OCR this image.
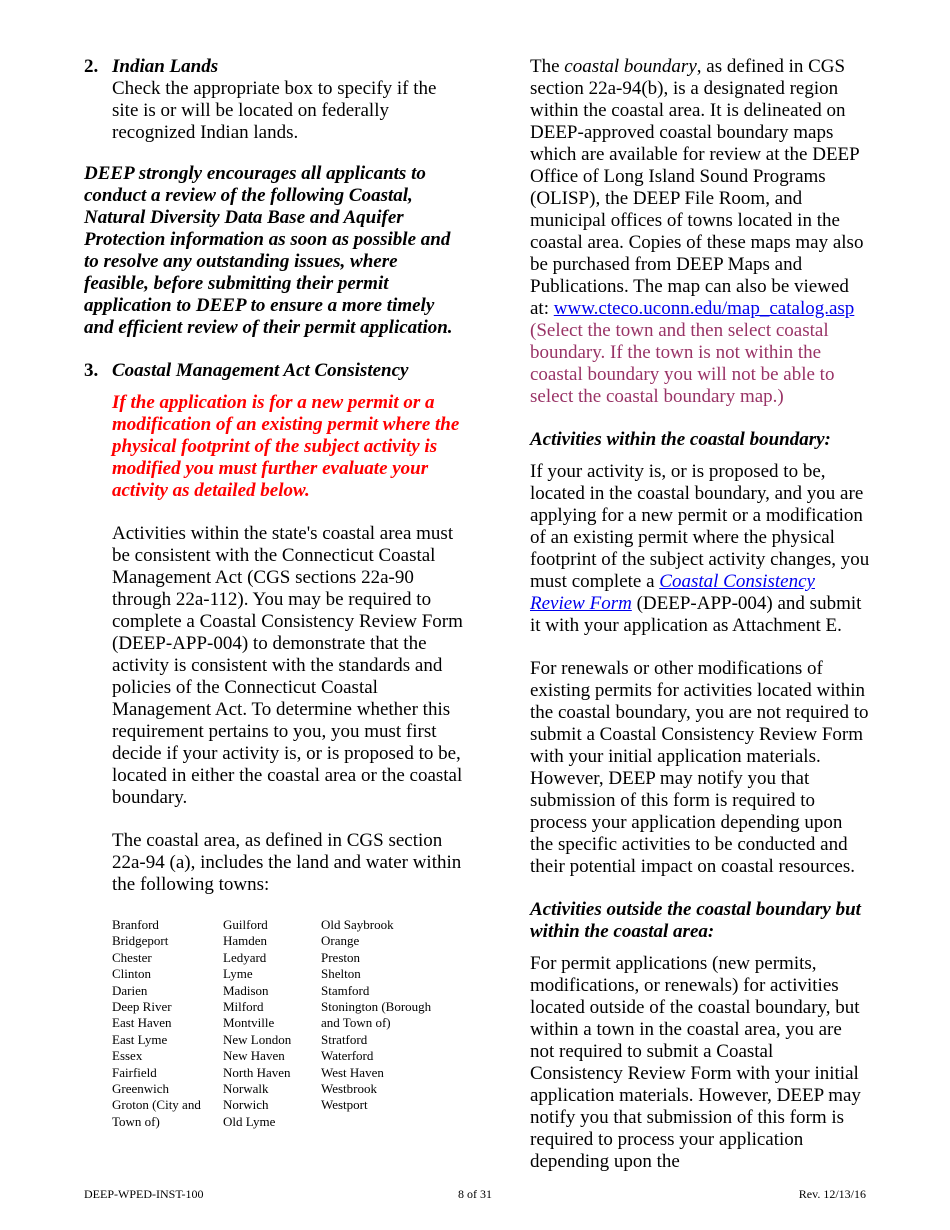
2. Indian Lands

Check the appropriate box to specify if the site is or will be located on federally recognized Indian lands.

DEEP strongly encourages all applicants to conduct a review of the following Coastal, Natural Diversity Data Base and Aquifer Protection information as soon as possible and to resolve any outstanding issues, where feasible, before submitting their permit application to DEEP to ensure a more timely and efficient review of their permit application.

3. Coastal Management Act Consistency

If the application is for a new permit or a modification of an existing permit where the physical footprint of the subject activity is modified you must further evaluate your activity as detailed below.

Activities within the state's coastal area must be consistent with the Connecticut Coastal Management Act (CGS sections 22a-90 through 22a-112). You may be required to complete a Coastal Consistency Review Form (DEEP-APP-004) to demonstrate that the activity is consistent with the standards and policies of the Connecticut Coastal Management Act. To determine whether this requirement pertains to you, you must first decide if your activity is, or is proposed to be, located in either the coastal area or the coastal boundary.

The coastal area, as defined in CGS section 22a-94 (a), includes the land and water within the following towns:

Branford
Bridgeport
Chester
Clinton
Darien
Deep River
East Haven
East Lyme
Essex
Fairfield
Greenwich
Groton (City and
Town of)
Guilford
Hamden
Ledyard
Lyme
Madison
Milford
Montville
New London
New Haven
North Haven
Norwalk
Norwich
Old Lyme
Old Saybrook
Orange
Preston
Shelton
Stamford
Stonington (Borough
and Town of)
Stratford
Waterford
West Haven
Westbrook
Westport

The coastal boundary, as defined in CGS section 22a-94(b), is a designated region within the coastal area. It is delineated on DEEP-approved coastal boundary maps which are available for review at the DEEP Office of Long Island Sound Programs (OLISP), the DEEP File Room, and municipal offices of towns located in the coastal area. Copies of these maps may also be purchased from DEEP Maps and Publications. The map can also be viewed at: www.cteco.uconn.edu/map_catalog.asp

(Select the town and then select coastal boundary. If the town is not within the coastal boundary you will not be able to select the coastal boundary map.)

Activities within the coastal boundary:

If your activity is, or is proposed to be, located in the coastal boundary, and you are applying for a new permit or a modification of an existing permit where the physical footprint of the subject activity changes, you must complete a Coastal Consistency Review Form (DEEP-APP-004) and submit it with your application as Attachment E.

For renewals or other modifications of existing permits for activities located within the coastal boundary, you are not required to submit a Coastal Consistency Review Form with your initial application materials. However, DEEP may notify you that submission of this form is required to process your application depending upon the specific activities to be conducted and their potential impact on coastal resources.

Activities outside the coastal boundary but within the coastal area:

For permit applications (new permits, modifications, or renewals) for activities located outside of the coastal boundary, but within a town in the coastal area, you are not required to submit a Coastal Consistency Review Form with your initial application materials. However, DEEP may notify you that submission of this form is required to process your application depending upon the

DEEP-WPED-INST-100	8 of 31	Rev. 12/13/16
